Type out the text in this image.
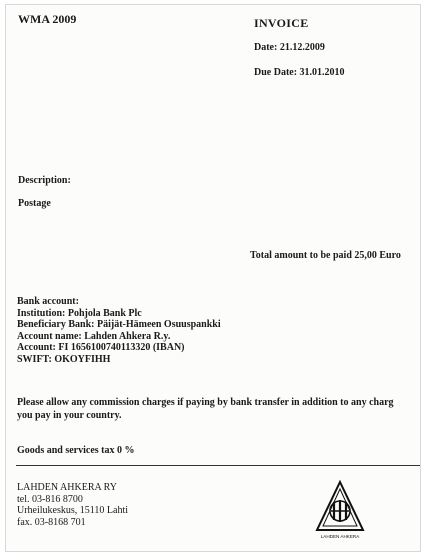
WMA 2009	INVOICE
Date: 21.12.2009
Due Date: 31.01.2010
Description:
Postage
Total amount to be paid 25,00 Euro
Bank account:
Institution: Pohjola Bank Plc
Beneficiary Bank: Päijät-Hämeen Osuuspankki
Account name: Lahden Ahkera R.y.
Account: FI 1656100740113320 (IBAN)
SWIFT: OKOYFIHH
Please allow any commission charges if paying by bank transfer in addition to any charg
you pay in your country.
Goods and services tax 0 %
LAHDEN AHKERA RY
tel. 03-816 8700
Urheilukeskus, 15110 Lahti
fax. 03-8168 701
LAHDEN AHKERA
